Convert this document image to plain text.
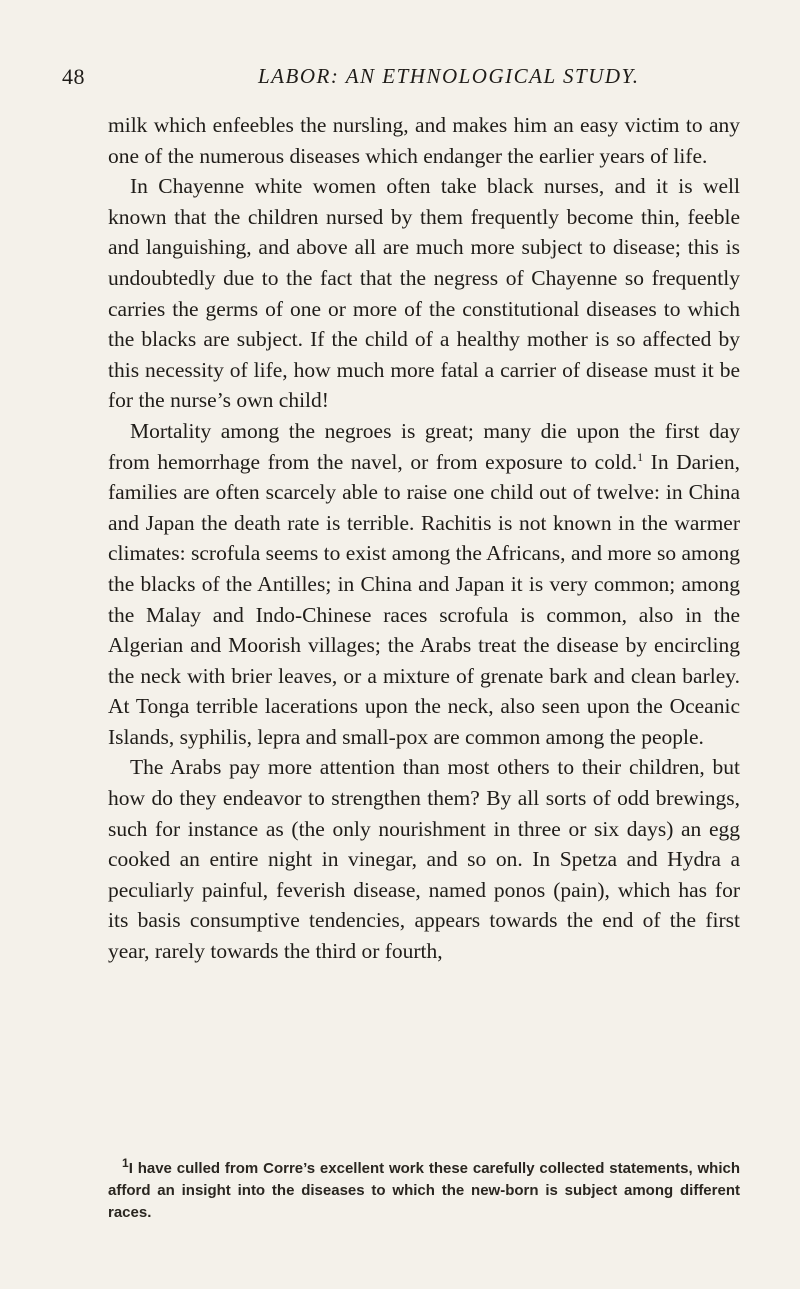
48	LABOR: AN ETHNOLOGICAL STUDY.

milk which enfeebles the nursling, and makes him an easy victim to any one of the numerous diseases which endanger the earlier years of life.

In Chayenne white women often take black nurses, and it is well known that the children nursed by them frequently become thin, feeble and languishing, and above all are much more subject to disease; this is undoubtedly due to the fact that the negress of Chayenne so frequently carries the germs of one or more of the constitutional diseases to which the blacks are subject. If the child of a healthy mother is so affected by this necessity of life, how much more fatal a carrier of disease must it be for the nurse’s own child!

Mortality among the negroes is great; many die upon the first day from hemorrhage from the navel, or from exposure to cold.$^1$ In Darien, families are often scarcely able to raise one child out of twelve: in China and Japan the death rate is terrible. Rachitis is not known in the warmer climates: scrofula seems to exist among the Africans, and more so among the blacks of the Antilles; in China and Japan it is very common; among the Malay and Indo-Chinese races scrofula is common, also in the Algerian and Moorish villages; the Arabs treat the disease by encircling the neck with brier leaves, or a mixture of grenate bark and clean barley. At Tonga terrible lacerations upon the neck, also seen upon the Oceanic Islands, syphilis, lepra and small-pox are common among the people.

The Arabs pay more attention than most others to their children, but how do they endeavor to strengthen them? By all sorts of odd brewings, such for instance as (the only nourishment in three or six days) an egg cooked an entire night in vinegar, and so on. In Spetza and Hydra a peculiarly painful, feverish disease, named ponos (pain), which has for its basis consumptive tendencies, appears towards the end of the first year, rarely towards the third or fourth,

$^1$I have culled from Corre’s excellent work these carefully collected statements, which afford an insight into the diseases to which the new-born is subject among different races.
